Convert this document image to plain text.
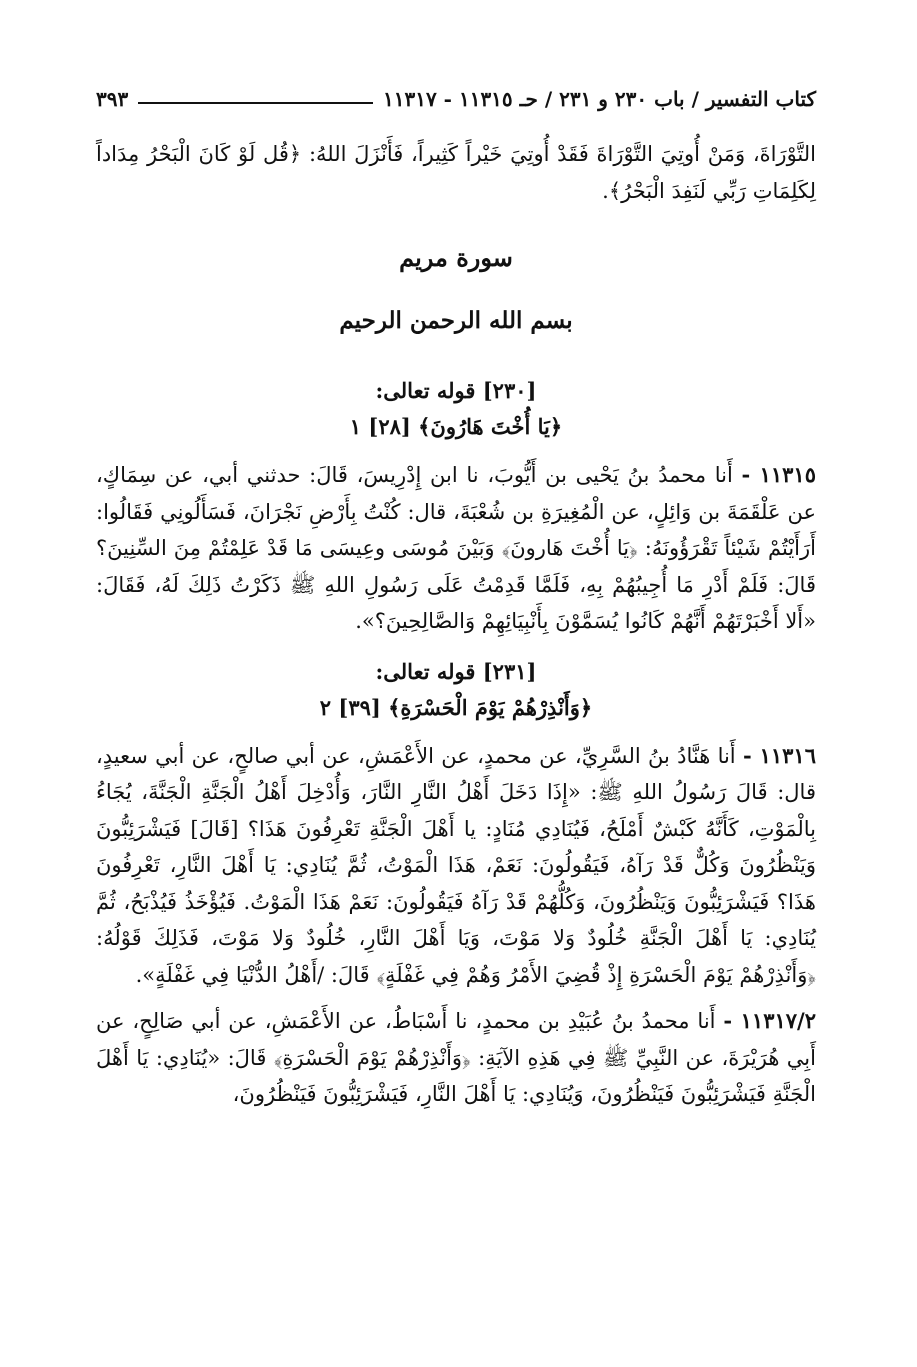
كتاب التفسير / باب ٢٣٠ و ٢٣١ / حـ ١١٣١٥ - ١١٣١٧
٣٩٣

التَّوْرَاةَ، وَمَنْ أُوتِيَ التَّوْرَاةَ فَقَدْ أُوتِيَ خَيْراً كَثِيراً، فَأَنْزَلَ اللهُ: ﴿قُل لَوْ كَانَ الْبَحْرُ مِدَاداً لِكَلِمَاتِ رَبِّي لَنَفِدَ الْبَحْرُ﴾.

سورة مريم
بسم الله الرحمن الرحيم
[٢٣٠] قوله تعالى:
﴿يَا أُخْتَ هَارُونَ﴾ [٢٨] ١

١١٣١٥ - أَنا محمدُ بنُ يَحْيى بن أَيُّوبَ، نا ابن إِدْرِيسَ، قَالَ: حدثني أبي، عن سِمَاكٍ، عن عَلْقَمَةَ بن وَائِلٍ، عن الْمُغِيرَةِ بن شُعْبَةَ، قال: كُنْتُ بِأَرْضِ نَجْرَانَ، فَسَأَلُونِي فَقَالُوا: أَرَأَيْتُمْ شَيْئاً تَقْرَؤُونَهُ: ﴿يَا أُخْتَ هَارونَ﴾ وَبَيْنَ مُوسَى وعِيسَى مَا قَدْ عَلِمْتُمْ مِنَ السِّنِينَ؟ قَالَ: فَلَمْ أَدْرِ مَا أُجِيبُهُمْ بِهِ، فَلَمَّا قَدِمْتُ عَلَى رَسُولِ اللهِ ﷺ ذَكَرْتُ ذَلِكَ لَهُ، فَقَالَ: «أَلا أَخْبَرْتَهُمْ أَنَّهُمْ كَانُوا يُسَمَّوْنَ بِأَنْبِيَائِهِمْ وَالصَّالِحِينَ؟».

[٢٣١] قوله تعالى:
﴿وَأَنْذِرْهُمْ يَوْمَ الْحَسْرَةِ﴾ [٣٩] ٢

١١٣١٦ - أَنا هَنَّادُ بنُ السَّرِيِّ، عن محمدٍ، عن الأَعْمَشِ، عن أبي صالحٍ، عن أبي سعيدٍ، قال: قَالَ رَسُولُ اللهِ ﷺ: «إِذَا دَخَلَ أَهْلُ النَّارِ النَّارَ، وَأُدْخِلَ أَهْلُ الْجَنَّةِ الْجَنَّةَ، يُجَاءُ بِالْمَوْتِ، كَأَنَّهُ كَبْشٌ أَمْلَحُ، فَيُنَادِي مُنَادٍ: يا أَهْلَ الْجَنَّةِ تَعْرِفُونَ هَذَا؟ [قَالَ] فَيَشْرَئِبُّونَ وَيَنْظُرُونَ وَكُلٌّ قَدْ رَآهُ، فَيَقُولُونَ: نَعَمْ، هَذَا الْمَوْتُ، ثُمَّ يُنَادِي: يَا أَهْلَ النَّارِ، تَعْرِفُونَ هَذَا؟ فَيَشْرَئِبُّونَ وَيَنْظُرُونَ، وَكُلُّهُمْ قَدْ رَآهُ فَيَقُولُونَ: نَعَمْ هَذَا الْمَوْتُ. فَيُؤْخَذُ فَيُذْبَحُ، ثُمَّ يُنَادِي: يَا أَهْلَ الْجَنَّةِ خُلُودٌ وَلا مَوْتَ، وَيَا أَهْلَ النَّارِ، خُلُودٌ وَلا مَوْتَ، فَذَلِكَ قَوْلُهُ: ﴿وَأَنْذِرْهُمْ يَوْمَ الْحَسْرَةِ إِذْ قُضِيَ الأَمْرُ وَهُمْ فِي غَفْلَةٍ﴾ قَالَ: /أَهْلُ الدُّنْيَا فِي غَفْلَةٍ».

١١٣١٧/٢ - أَنا محمدُ بنُ عُبَيْدِ بن محمدٍ، نا أَسْبَاطُ، عن الأَعْمَشِ، عن أبي صَالِحٍ، عن أَبِي هُرَيْرَةَ، عن النَّبِيِّ ﷺ فِي هَذِهِ الآيَةِ: ﴿وَأَنْذِرْهُمْ يَوْمَ الْحَسْرَةِ﴾ قَالَ: «يُنَادِي: يَا أَهْلَ الْجَنَّةِ فَيَشْرَئِبُّونَ فَيَنْظُرُونَ، وَيُنَادِي: يَا أَهْلَ النَّارِ، فَيَشْرَئِبُّونَ فَيَنْظُرُونَ،
